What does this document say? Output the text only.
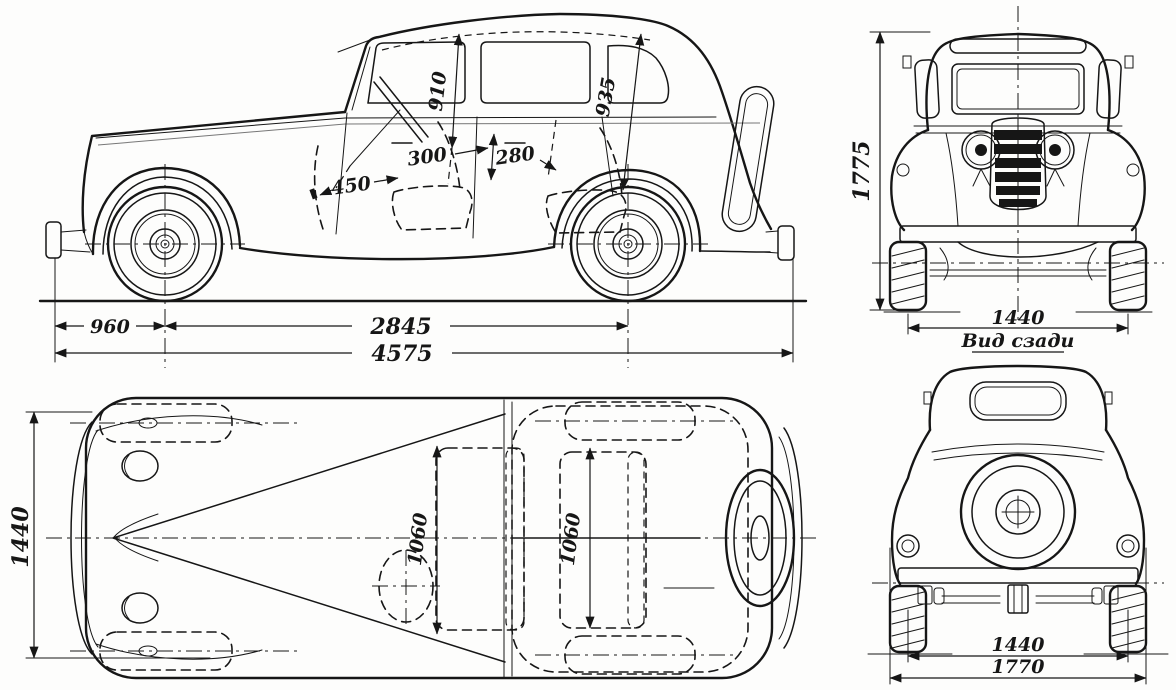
910	935
300 280
450
960	2845
4575
1440	1060	1060
1775
1440
Вид сзади
1440
1770
